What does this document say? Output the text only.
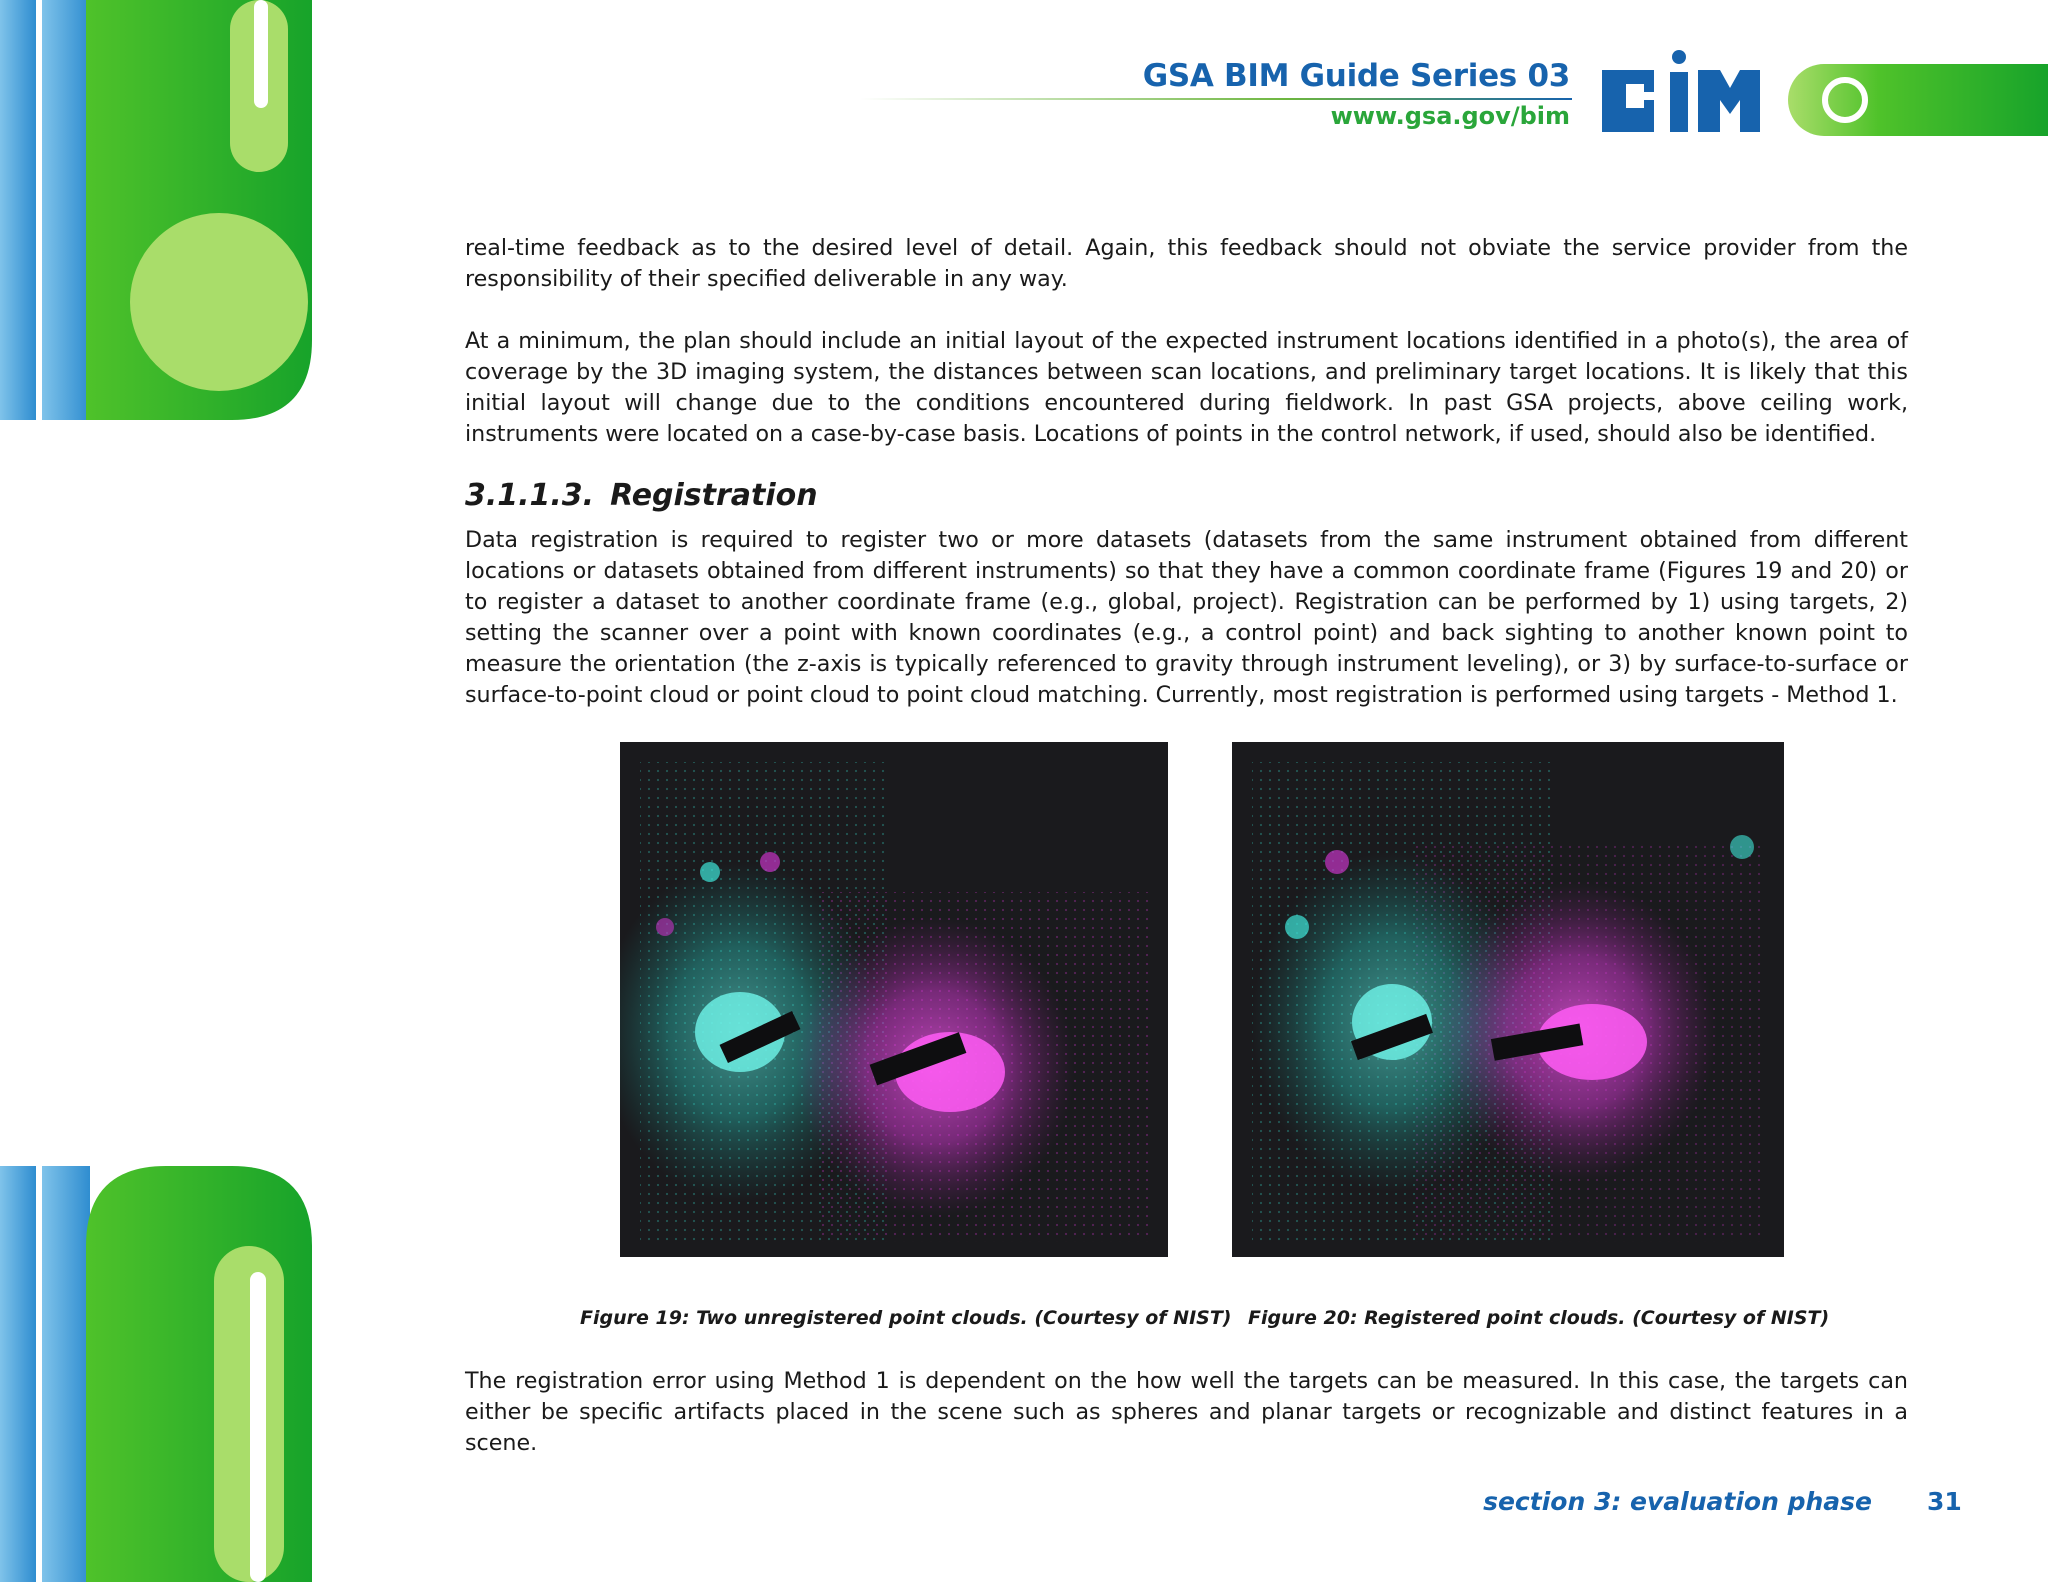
GSA BIM Guide Series 03
www.gsa.gov/bim

real-time feedback as to the desired level of detail. Again, this feedback should not obviate the service provider from the responsibility of their specified deliverable in any way.

At a minimum, the plan should include an initial layout of the expected instrument locations identified in a photo(s), the area of coverage by the 3D imaging system, the distances between scan locations, and preliminary target locations. It is likely that this initial layout will change due to the conditions encountered during fieldwork. In past GSA projects, above ceiling work, instruments were located on a case-by-case basis. Locations of points in the control network, if used, should also be identified.

3.1.1.3. Registration

Data registration is required to register two or more datasets (datasets from the same instrument obtained from different locations or datasets obtained from different instruments) so that they have a common coordinate frame (Figures 19 and 20) or to register a dataset to another coordinate frame (e.g., global, project). Registration can be performed by 1) using targets, 2) setting the scanner over a point with known coordinates (e.g., a control point) and back sighting to another known point to measure the orientation (the z-axis is typically referenced to gravity through instrument leveling), or 3) by surface-to-surface or surface-to-point cloud or point cloud to point cloud matching. Currently, most registration is performed using targets - Method 1.

Figure 19: Two unregistered point clouds. (Courtesy of NIST) Figure 20: Registered point clouds. (Courtesy of NIST)

The registration error using Method 1 is dependent on the how well the targets can be measured. In this case, the targets can either be specific artifacts placed in the scene such as spheres and planar targets or recognizable and distinct features in a scene.

section 3: evaluation phase 31
